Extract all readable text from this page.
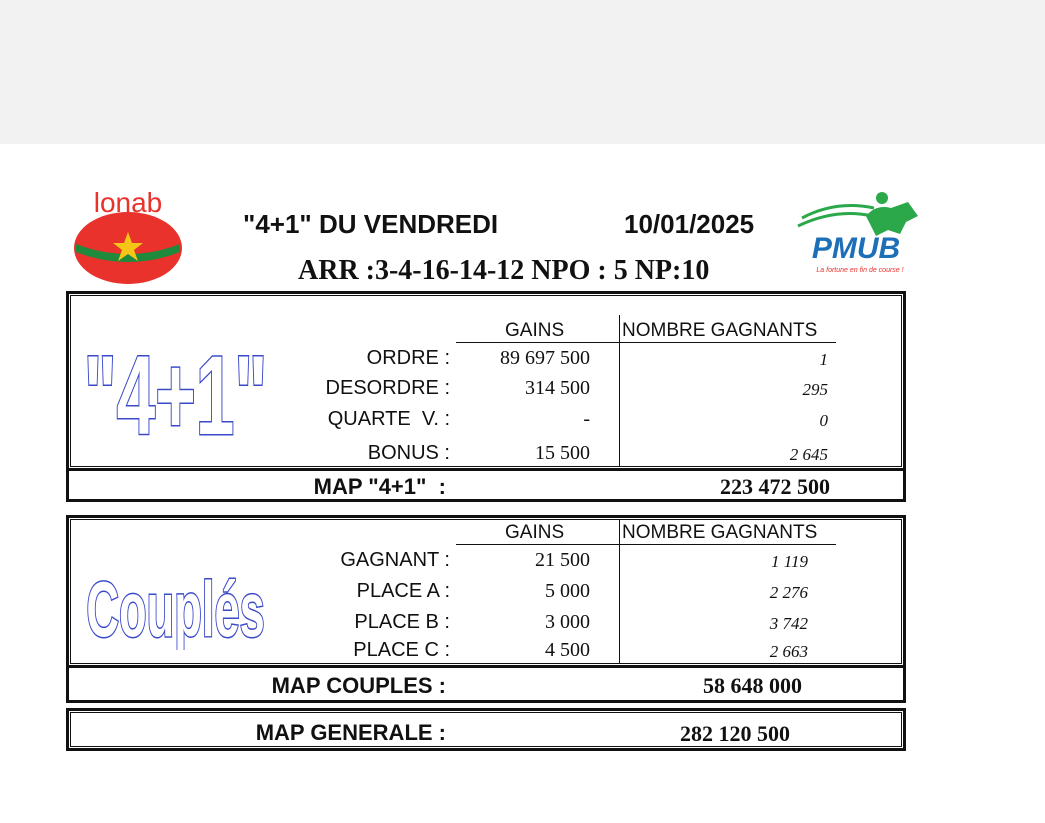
lonab
PMUB
La fortune en fin de course !
"4+1" DU VENDREDI	10/01/2025
ARR :3-4-16-14-12 NPO : 5 NP:10
"4+1"
GAINS	NOMBRE GAGNANTS
ORDRE :	89 697 500	1
DESORDRE :	314 500	295
QUARTE  V. :	-	0
BONUS :	15 500	2 645
MAP "4+1"  :	223 472 500
Couplés
GAINS	NOMBRE GAGNANTS
GAGNANT :	21 500	1 119
PLACE A :	5 000	2 276
PLACE B :	3 000	3 742
PLACE C :	4 500	2 663
MAP COUPLES :	58 648 000
MAP GENERALE :	282 120 500
